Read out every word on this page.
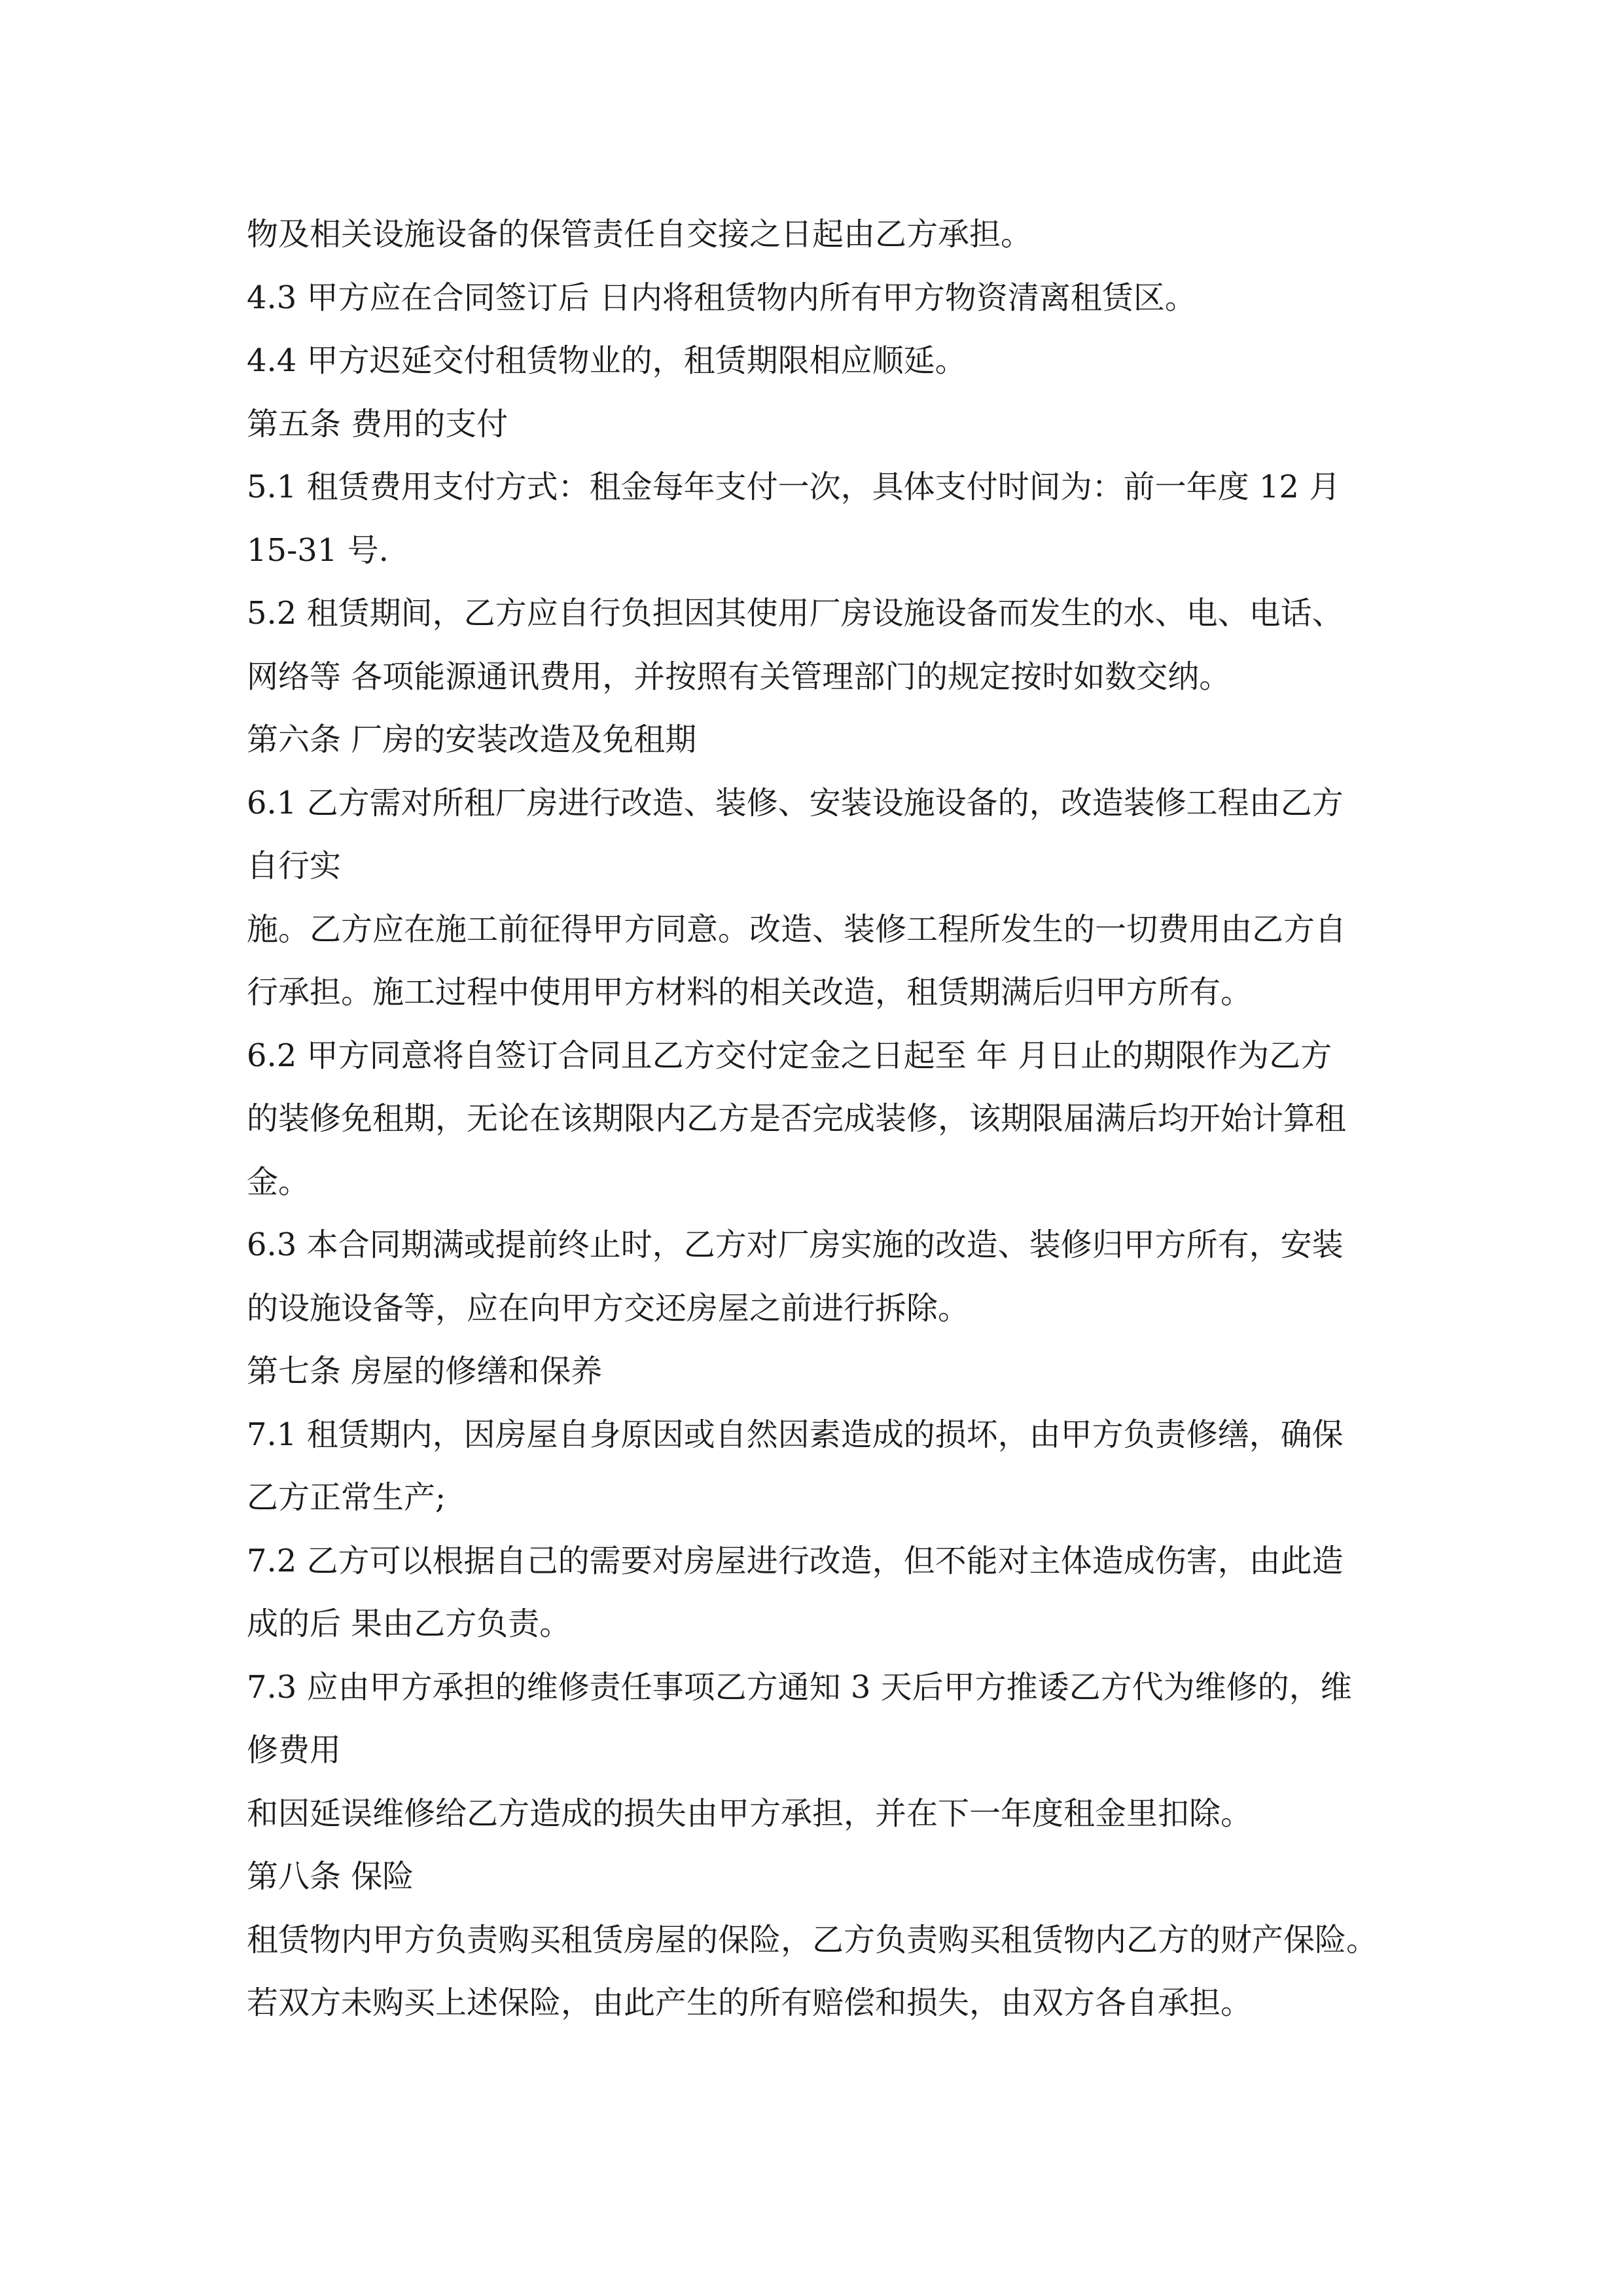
物及相关设施设备的保管责任自交接之日起由乙方承担。
4.3 甲方应在合同签订后 日内将租赁物内所有甲方物资清离租赁区。
4.4 甲方迟延交付租赁物业的，租赁期限相应顺延。
第五条 费用的支付
5.1 租赁费用支付方式：租金每年支付一次，具体支付时间为：前一年度 12 月
15-31 号.
5.2 租赁期间，乙方应自行负担因其使用厂房设施设备而发生的水、电、电话、
网络等 各项能源通讯费用，并按照有关管理部门的规定按时如数交纳。
第六条 厂房的安装改造及免租期
6.1 乙方需对所租厂房进行改造、装修、安装设施设备的，改造装修工程由乙方
自行实
施。乙方应在施工前征得甲方同意。改造、装修工程所发生的一切费用由乙方自
行承担。施工过程中使用甲方材料的相关改造，租赁期满后归甲方所有。
6.2 甲方同意将自签订合同且乙方交付定金之日起至 年 月日止的期限作为乙方
的装修免租期，无论在该期限内乙方是否完成装修，该期限届满后均开始计算租
金。
6.3 本合同期满或提前终止时，乙方对厂房实施的改造、装修归甲方所有，安装
的设施设备等，应在向甲方交还房屋之前进行拆除。
第七条 房屋的修缮和保养
7.1 租赁期内，因房屋自身原因或自然因素造成的损坏，由甲方负责修缮，确保
乙方正常生产;
7.2 乙方可以根据自己的需要对房屋进行改造，但不能对主体造成伤害，由此造
成的后 果由乙方负责。
7.3 应由甲方承担的维修责任事项乙方通知 3 天后甲方推诿乙方代为维修的，维
修费用
和因延误维修给乙方造成的损失由甲方承担，并在下一年度租金里扣除。
第八条 保险
租赁物内甲方负责购买租赁房屋的保险，乙方负责购买租赁物内乙方的财产保险。
若双方未购买上述保险，由此产生的所有赔偿和损失，由双方各自承担。
